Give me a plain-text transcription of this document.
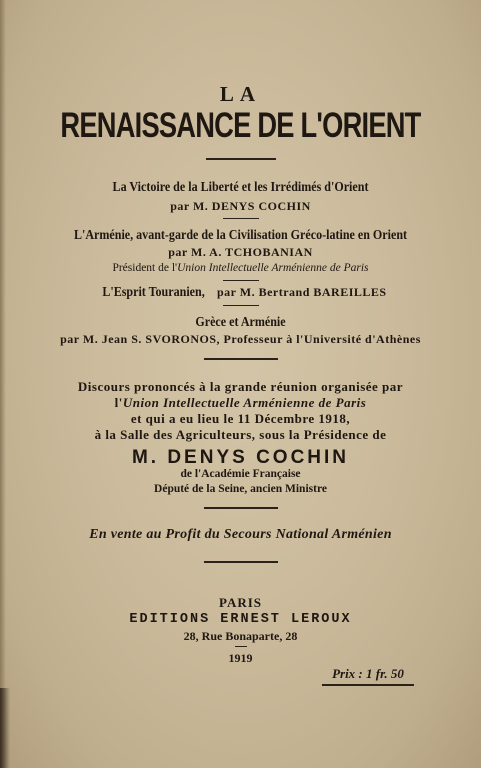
LA
RENAISSANCE DE L'ORIENT
La Victoire de la Liberté et les Irrédimés d'Orient
par M. DENYS COCHIN
L'Arménie, avant-garde de la Civilisation Gréco-latine en Orient
par M. A. TCHOBANIAN
Président de l'Union Intellectuelle Arménienne de Paris
L'Esprit Touranien, par M. Bertrand BAREILLES
Grèce et Arménie
par M. Jean S. SVORONOS, Professeur à l'Université d'Athènes
Discours prononcés à la grande réunion organisée par
l'Union Intellectuelle Arménienne de Paris
et qui a eu lieu le 11 Décembre 1918,
à la Salle des Agriculteurs, sous la Présidence de
M. DENYS COCHIN
de l'Académie Française
Député de la Seine, ancien Ministre
En vente au Profit du Secours National Arménien
PARIS
EDITIONS ERNEST LEROUX
28, Rue Bonaparte, 28
1919
Prix : 1 fr. 50
